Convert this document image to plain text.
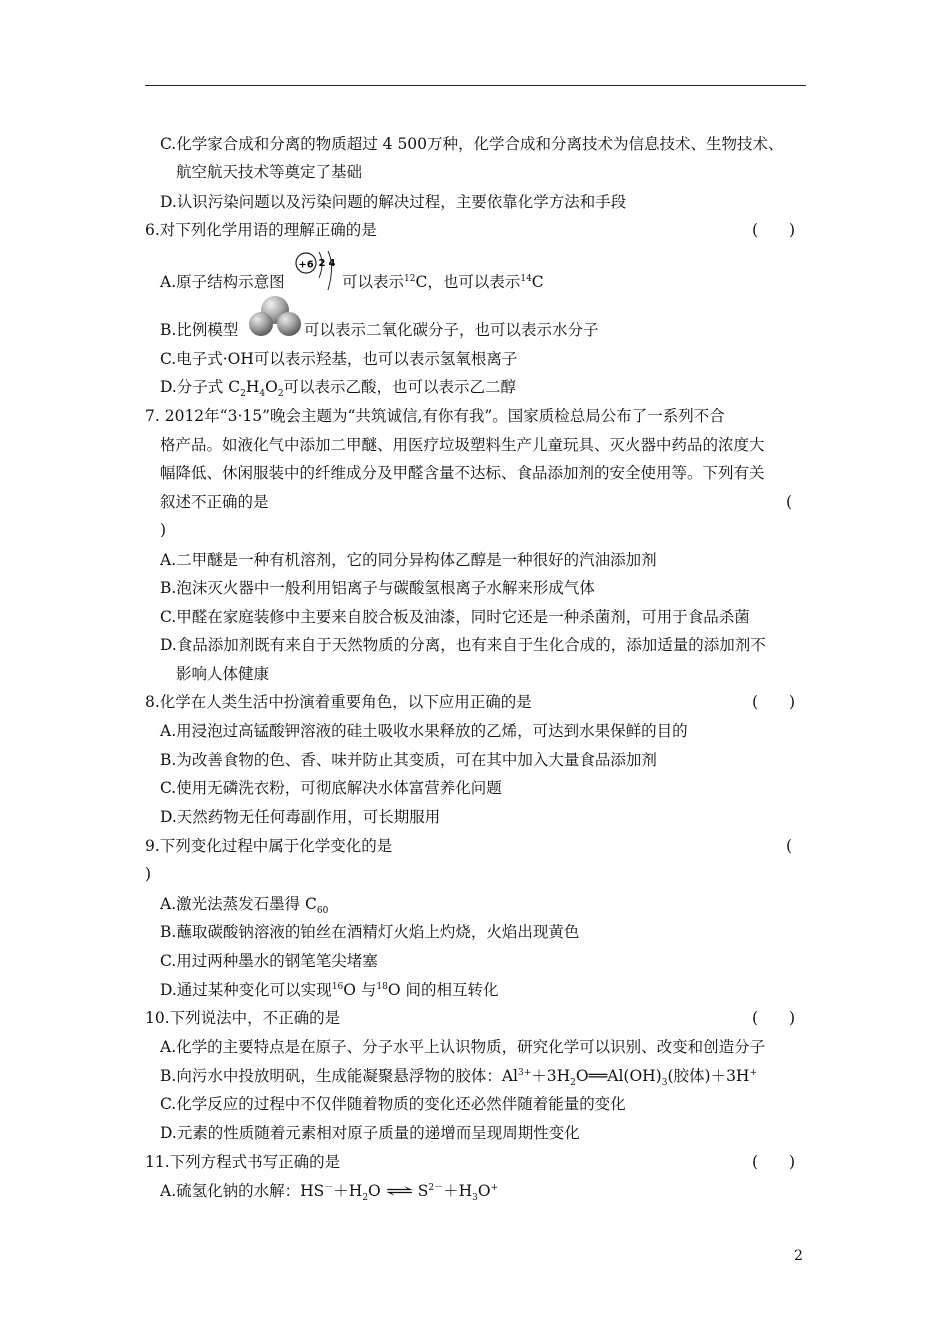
C.化学家合成和分离的物质超过 4 500万种，化学合成和分离技术为信息技术、生物技术、
航空航天技术等奠定了基础
D.认识污染问题以及污染问题的解决过程，主要依靠化学方法和手段
6.对下列化学用语的理解正确的是	(　　)
A.原子结构示意图
+6 2 4
可以表示$^{12}$C，也可以表示$^{14}$C
B.比例模型	可以表示二氧化碳分子，也可以表示水分子
C.电子式·OH可以表示羟基，也可以表示氢氧根离子
D.分子式 $C_2H_4O_2$可以表示乙酸，也可以表示乙二醇
7. 2012年“3·15”晚会主题为“共筑诚信,有你有我”。国家质检总局公布了一系列不合
格产品。如液化气中添加二甲醚、用医疗垃圾塑料生产儿童玩具、灭火器中药品的浓度大
幅降低、休闲服装中的纤维成分及甲醛含量不达标、食品添加剂的安全使用等。下列有关
叙述不正确的是	(
)
A.二甲醚是一种有机溶剂，它的同分异构体乙醇是一种很好的汽油添加剂
B.泡沫灭火器中一般利用铝离子与碳酸氢根离子水解来形成气体
C.甲醛在家庭装修中主要来自胶合板及油漆，同时它还是一种杀菌剂，可用于食品杀菌
D.食品添加剂既有来自于天然物质的分离，也有来自于生化合成的，添加适量的添加剂不
影响人体健康
8.化学在人类生活中扮演着重要角色，以下应用正确的是	(　　)
A.用浸泡过高锰酸钾溶液的硅土吸收水果释放的乙烯，可达到水果保鲜的目的
B.为改善食物的色、香、味并防止其变质，可在其中加入大量食品添加剂
C.使用无磷洗衣粉，可彻底解决水体富营养化问题
D.天然药物无任何毒副作用，可长期服用
9.下列变化过程中属于化学变化的是	(
)
A.激光法蒸发石墨得 $C_{60}$
B.蘸取碳酸钠溶液的铂丝在酒精灯火焰上灼烧，火焰出现黄色
C.用过两种墨水的钢笔笔尖堵塞
D.通过某种变化可以实现$^{16}$O 与$^{18}$O 间的相互转化
10.下列说法中，不正确的是	(　　)
A.化学的主要特点是在原子、分子水平上认识物质，研究化学可以识别、改变和创造分子
B.向污水中投放明矾，生成能凝聚悬浮物的胶体：$Al^{3+}+3H_2O══Al(OH)_3$(胶体)＋3H+
C.化学反应的过程中不仅伴随着物质的变化还必然伴随着能量的变化
D.元素的性质随着元素相对原子质量的递增而呈现周期性变化
11.下列方程式书写正确的是	(　　)
A.硫氢化钠的水解：$HS^-+H_2O$ ⇌ $S^{2-}+H_3O^+$
2
